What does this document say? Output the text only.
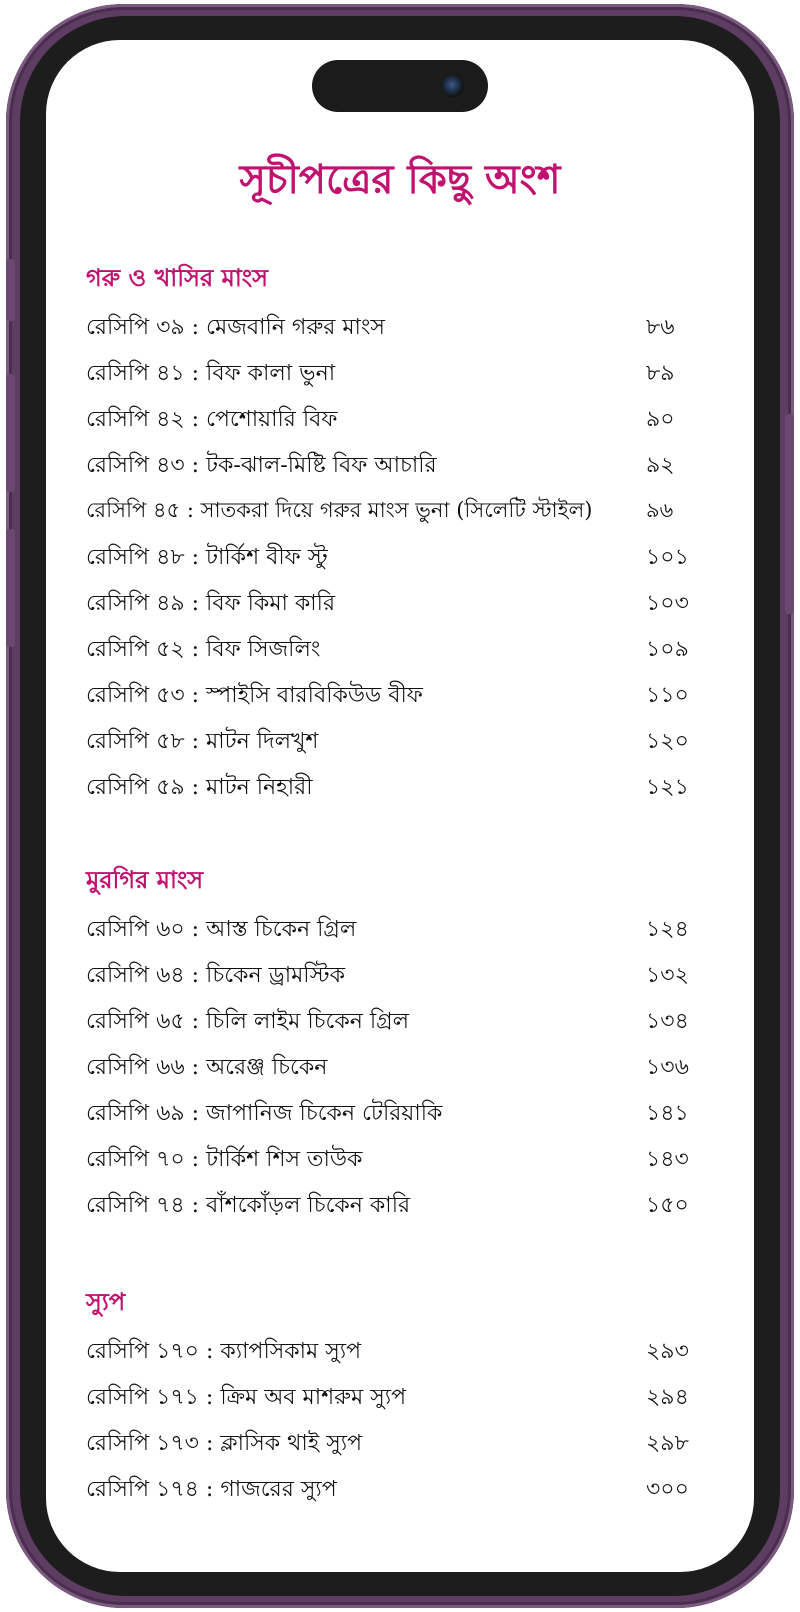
সূচীপত্রের কিছু অংশ
গরু ও খাসির মাংস
রেসিপি ৩৯ : মেজবানি গরুর মাংস	৮৬
রেসিপি ৪১ : বিফ কালা ভুনা	৮৯
রেসিপি ৪২ : পেশোয়ারি বিফ	৯০
রেসিপি ৪৩ : টক-ঝাল-মিষ্টি বিফ আচারি	৯২
রেসিপি ৪৫ : সাতকরা দিয়ে গরুর মাংস ভুনা (সিলেটি স্টাইল)	৯৬
রেসিপি ৪৮ : টার্কিশ বীফ স্টু	১০১
রেসিপি ৪৯ : বিফ কিমা কারি	১০৩
রেসিপি ৫২ : বিফ সিজলিং	১০৯
রেসিপি ৫৩ : স্পাইসি বারবিকিউড বীফ	১১০
রেসিপি ৫৮ : মাটন দিলখুশ	১২০
রেসিপি ৫৯ : মাটন নিহারী	১২১
মুরগির মাংস
রেসিপি ৬০ : আস্ত চিকেন গ্রিল	১২৪
রেসিপি ৬৪ : চিকেন ড্রামস্টিক	১৩২
রেসিপি ৬৫ : চিলি লাইম চিকেন গ্রিল	১৩৪
রেসিপি ৬৬ : অরেঞ্জ চিকেন	১৩৬
রেসিপি ৬৯ : জাপানিজ চিকেন টেরিয়াকি	১৪১
রেসিপি ৭০ : টার্কিশ শিস তাউক	১৪৩
রেসিপি ৭৪ : বাঁশকোঁড়ল চিকেন কারি	১৫০
স্যুপ
রেসিপি ১৭০ : ক্যাপসিকাম স্যুপ	২৯৩
রেসিপি ১৭১ : ক্রিম অব মাশরুম স্যুপ	২৯৪
রেসিপি ১৭৩ : ক্লাসিক থাই স্যুপ	২৯৮
রেসিপি ১৭৪ : গাজরের স্যুপ	৩০০
